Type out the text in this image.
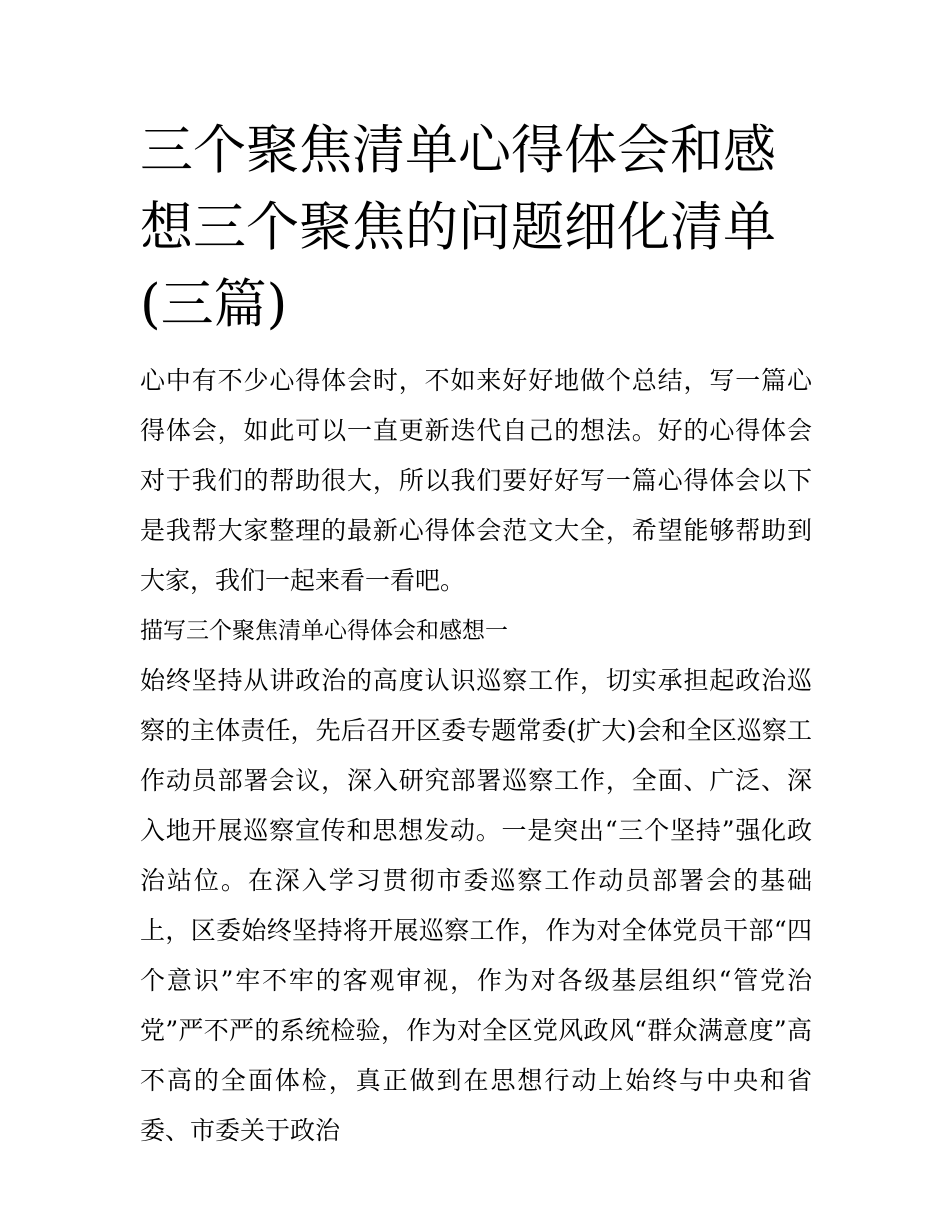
三个聚焦清单心得体会和感想三个聚焦的问题细化清单(三篇)

心中有不少心得体会时，不如来好好地做个总结，写一篇心得体会，如此可以一直更新迭代自己的想法。好的心得体会对于我们的帮助很大，所以我们要好好写一篇心得体会以下是我帮大家整理的最新心得体会范文大全，希望能够帮助到大家，我们一起来看一看吧。

描写三个聚焦清单心得体会和感想一

始终坚持从讲政治的高度认识巡察工作，切实承担起政治巡察的主体责任，先后召开区委专题常委(扩大)会和全区巡察工作动员部署会议，深入研究部署巡察工作，全面、广泛、深入地开展巡察宣传和思想发动。一是突出“三个坚持”强化政治站位。在深入学习贯彻市委巡察工作动员部署会的基础上，区委始终坚持将开展巡察工作，作为对全体党员干部“四个意识”牢不牢的客观审视，作为对各级基层组织“管党治党”严不严的系统检验，作为对全区党风政风“群众满意度”高不高的全面体检，真正做到在思想行动上始终与中央和省委、市委关于政治
